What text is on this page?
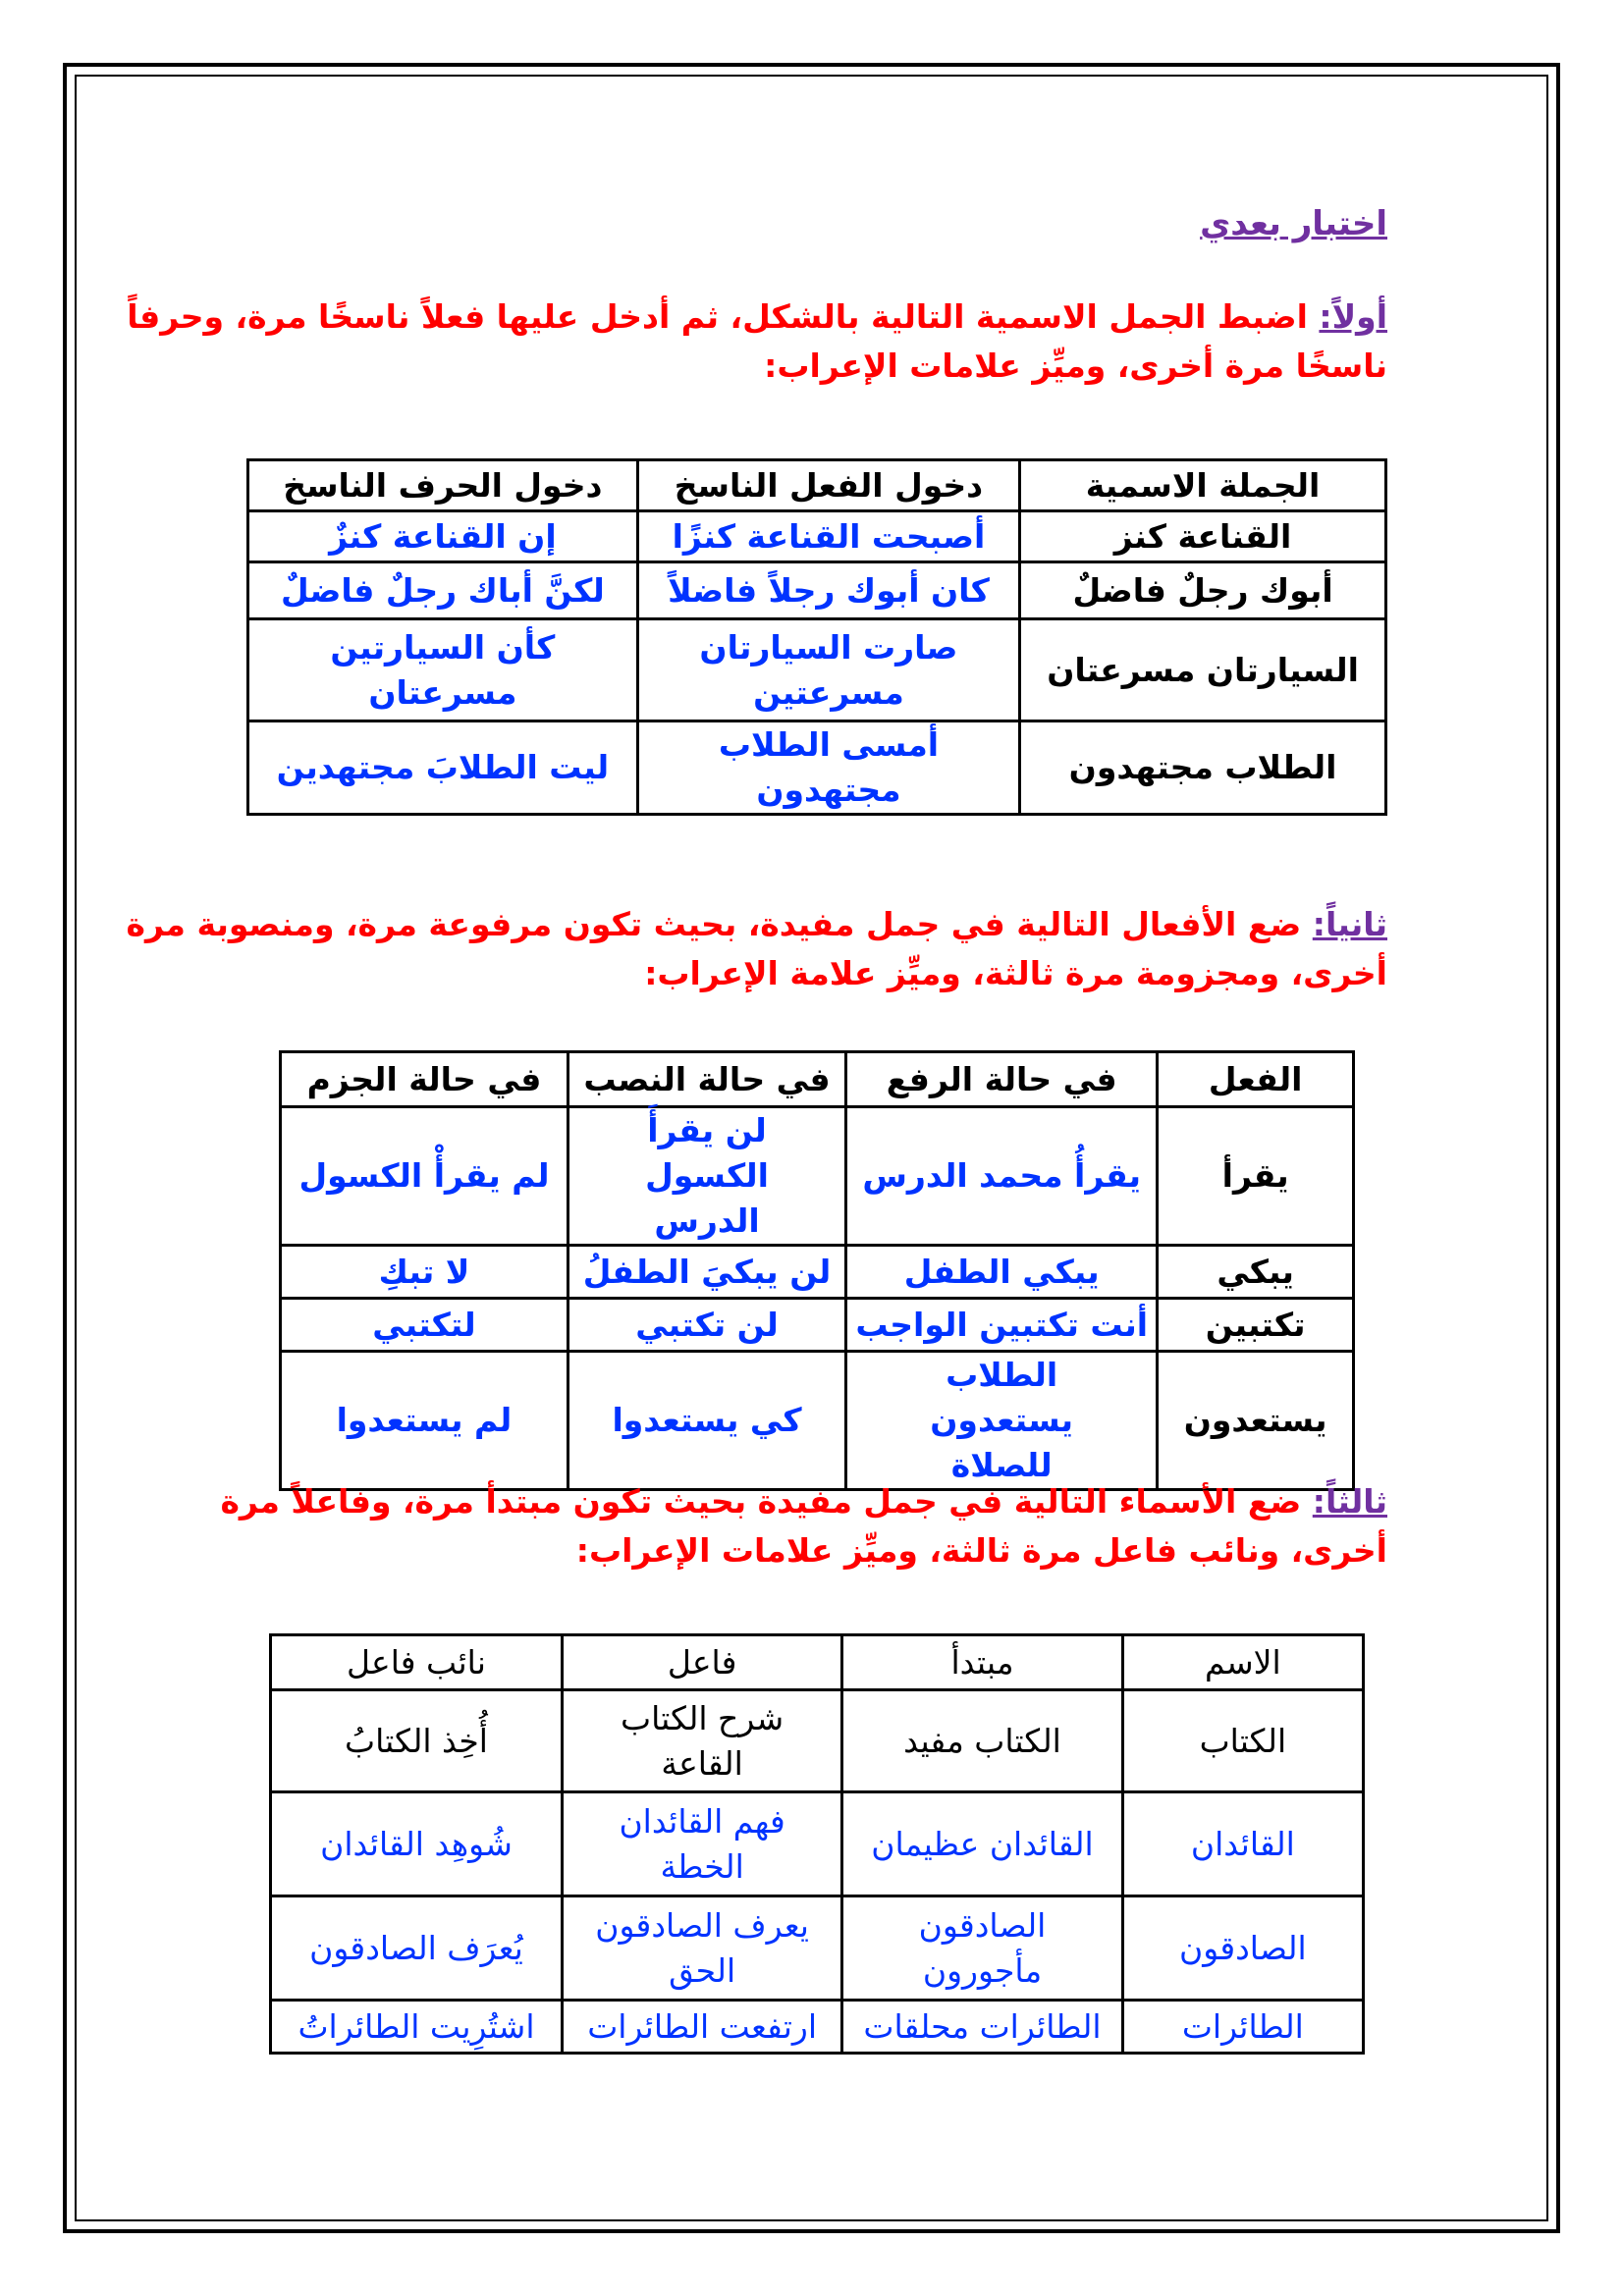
اختبار بعدي
أولاً: اضبط الجمل الاسمية التالية بالشكل، ثم أدخل عليها فعلاً ناسخًا مرة، وحرفاً
ناسخًا مرة أخرى، وميِّز علامات الإعراب:
الجملة الاسمية	دخول الفعل الناسخ	دخول الحرف الناسخ
القناعة كنز	أصبحت القناعة كنزًا	إن القناعة كنزٌ
أبوك رجلٌ فاضلٌ	كان أبوك رجلاً فاضلاً	لكنَّ أباك رجلٌ فاضلٌ
السيارتان مسرعتان	صارت السيارتان مسرعتين	كأن السيارتين مسرعتان
الطلاب مجتهدون	أمسى الطلاب مجتهدون	ليت الطلابَ مجتهدين
ثانياً: ضع الأفعال التالية في جمل مفيدة، بحيث تكون مرفوعة مرة، ومنصوبة مرة
أخرى، ومجزومة مرة ثالثة، وميِّز علامة الإعراب:
الفعل	في حالة الرفع	في حالة النصب	في حالة الجزم
يقرأ	يقرأُ محمد الدرس	لن يقرأَ الكسول الدرس	لم يقرأْ الكسول
يبكي	يبكي الطفل	لن يبكيَ الطفلُ	لا تبكِ
تكتبين	أنت تكتبين الواجب	لن تكتبي	لتكتبي
يستعدون	الطلاب يستعدون للصلاة	كي يستعدوا	لم يستعدوا
ثالثاً: ضع الأسماء التالية في جمل مفيدة بحيث تكون مبتدأ مرة، وفاعلاً مرة
أخرى، ونائب فاعل مرة ثالثة، وميِّز علامات الإعراب:
الاسم	مبتدأ	فاعل	نائب فاعل
الكتاب	الكتاب مفيد	شرح الكتاب القاعة	أُخِذ الكتابُ
القائدان	القائدان عظيمان	فهم القائدان الخطة	شُوهِد القائدان
الصادقون	الصادقون مأجورون	يعرف الصادقون الحق	يُعرَف الصادقون
الطائرات	الطائرات محلقات	ارتفعت الطائرات	اشتُرِيت الطائراتُ
